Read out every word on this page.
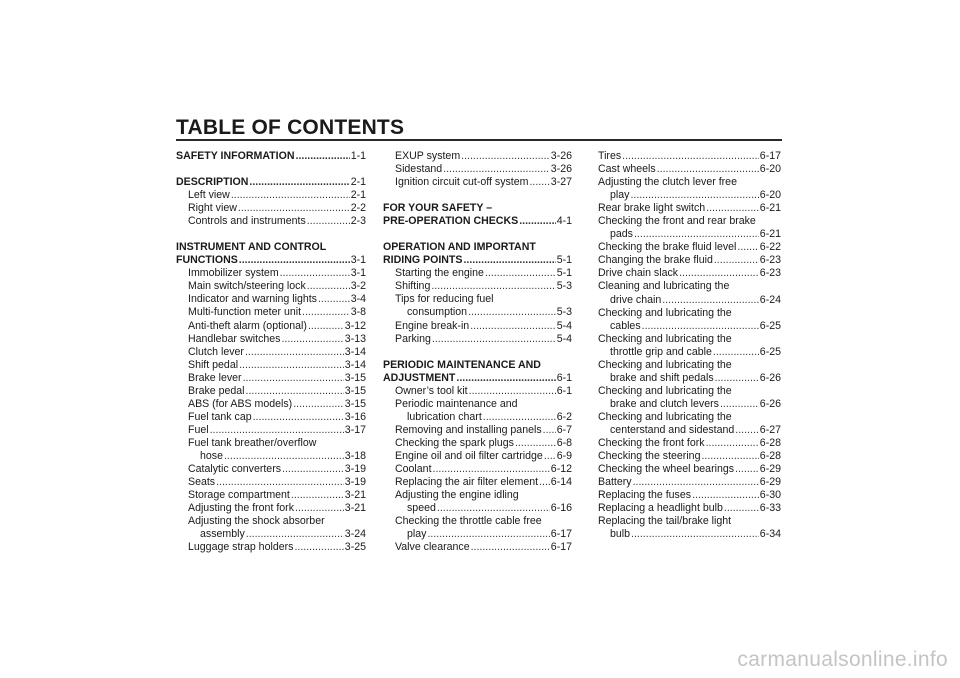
TABLE OF CONTENTS
SAFETY INFORMATION .....	1-1
DESCRIPTION .....	2-1
Left view .....	2-1
Right view .....	2-2
Controls and instruments .....	2-3
INSTRUMENT AND CONTROL
FUNCTIONS .....	3-1
Immobilizer system .....	3-1
Main switch/steering lock .....	3-2
Indicator and warning lights .....	3-4
Multi-function meter unit .....	3-8
Anti-theft alarm (optional) .....	3-12
Handlebar switches .....	3-13
Clutch lever .....	3-14
Shift pedal .....	3-14
Brake lever .....	3-15
Brake pedal .....	3-15
ABS (for ABS models) .....	3-15
Fuel tank cap .....	3-16
Fuel .....	3-17
Fuel tank breather/overflow
hose .....	3-18
Catalytic converters .....	3-19
Seats .....	3-19
Storage compartment .....	3-21
Adjusting the front fork .....	3-21
Adjusting the shock absorber
assembly .....	3-24
Luggage strap holders .....	3-25
EXUP system .....	3-26
Sidestand .....	3-26
Ignition circuit cut-off system ..... 3-27
FOR YOUR SAFETY –
PRE-OPERATION CHECKS .....	4-1
OPERATION AND IMPORTANT
RIDING POINTS .....	5-1
Starting the engine .....	5-1
Shifting .....	5-3
Tips for reducing fuel
consumption .....	5-3
Engine break-in .....	5-4
Parking .....	5-4
PERIODIC MAINTENANCE AND
ADJUSTMENT .....	6-1
Owner’s tool kit .....	6-1
Periodic maintenance and
lubrication chart .....	6-2
Removing and installing panels ..... 6-7
Checking the spark plugs .....	6-8
Engine oil and oil filter cartridge ..... 6-9
Coolant .....	6-12
Replacing the air filter element ..... 6-14
Adjusting the engine idling
speed .....	6-16
Checking the throttle cable free
play .....	6-17
Valve clearance .....	6-17
Tires .....	6-17
Cast wheels .....	6-20
Adjusting the clutch lever free
play .....	6-20
Rear brake light switch .....	6-21
Checking the front and rear brake
pads .....	6-21
Checking the brake fluid level ..... 6-22
Changing the brake fluid .....	6-23
Drive chain slack .....	6-23
Cleaning and lubricating the
drive chain .....	6-24
Checking and lubricating the
cables .....	6-25
Checking and lubricating the
throttle grip and cable .....	6-25
Checking and lubricating the
brake and shift pedals .....	6-26
Checking and lubricating the
brake and clutch levers .....	6-26
Checking and lubricating the
centerstand and sidestand ..... 6-27
Checking the front fork .....	6-28
Checking the steering .....	6-28
Checking the wheel bearings ..... 6-29
Battery .....	6-29
Replacing the fuses .....	6-30
Replacing a headlight bulb .....	6-33
Replacing the tail/brake light
bulb .....	6-34
carmanualsonline.info
